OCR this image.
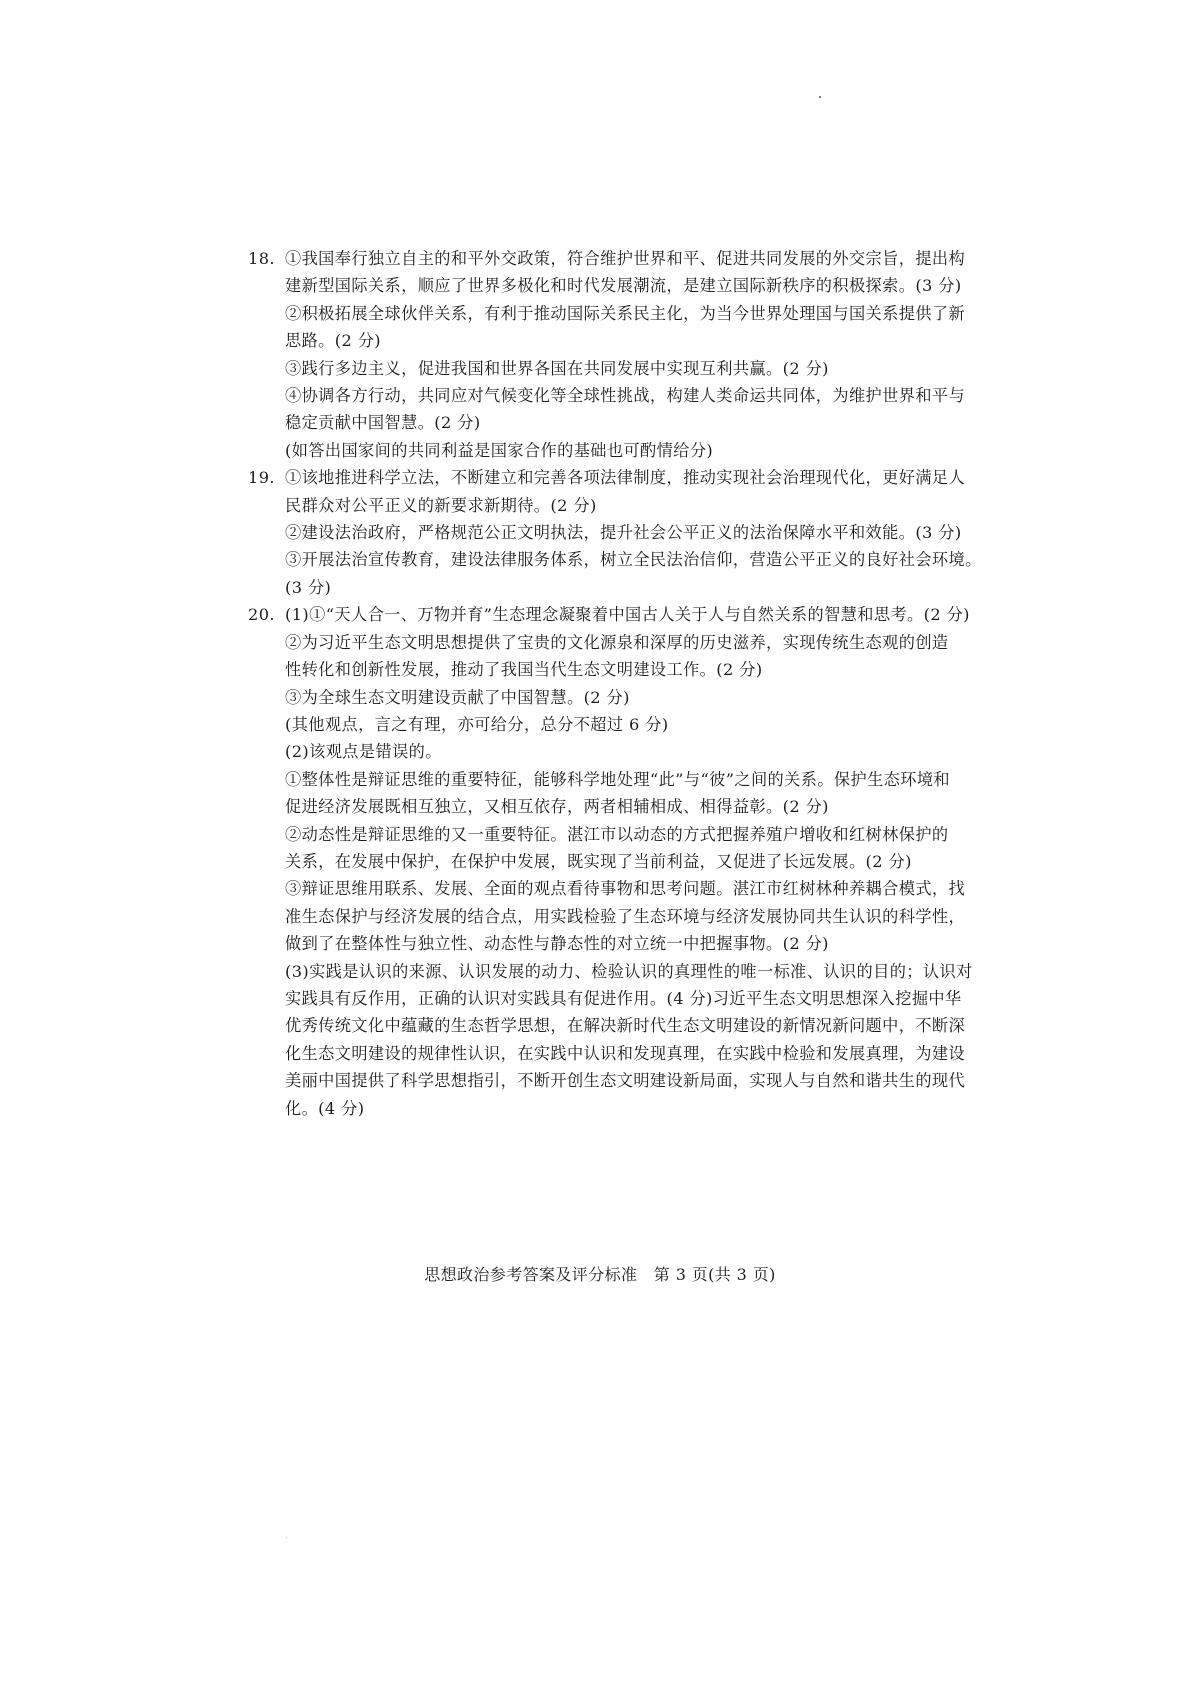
18. ①我国奉行独立自主的和平外交政策，符合维护世界和平、促进共同发展的外交宗旨，提出构
建新型国际关系，顺应了世界多极化和时代发展潮流，是建立国际新秩序的积极探索。(3 分)
②积极拓展全球伙伴关系，有利于推动国际关系民主化，为当今世界处理国与国关系提供了新
思路。(2 分)
③践行多边主义，促进我国和世界各国在共同发展中实现互利共赢。(2 分)
④协调各方行动，共同应对气候变化等全球性挑战，构建人类命运共同体，为维护世界和平与
稳定贡献中国智慧。(2 分)
(如答出国家间的共同利益是国家合作的基础也可酌情给分)
19. ①该地推进科学立法，不断建立和完善各项法律制度，推动实现社会治理现代化，更好满足人
民群众对公平正义的新要求新期待。(2 分)
②建设法治政府，严格规范公正文明执法，提升社会公平正义的法治保障水平和效能。(3 分)
③开展法治宣传教育，建设法律服务体系，树立全民法治信仰，营造公平正义的良好社会环境。
(3 分)
20. (1)①“天人合一、万物并育”生态理念凝聚着中国古人关于人与自然关系的智慧和思考。(2 分)
②为习近平生态文明思想提供了宝贵的文化源泉和深厚的历史滋养，实现传统生态观的创造
性转化和创新性发展，推动了我国当代生态文明建设工作。(2 分)
③为全球生态文明建设贡献了中国智慧。(2 分)
(其他观点，言之有理，亦可给分，总分不超过 6 分)
(2)该观点是错误的。
①整体性是辩证思维的重要特征，能够科学地处理“此”与“彼”之间的关系。保护生态环境和
促进经济发展既相互独立，又相互依存，两者相辅相成、相得益彰。(2 分)
②动态性是辩证思维的又一重要特征。湛江市以动态的方式把握养殖户增收和红树林保护的
关系，在发展中保护，在保护中发展，既实现了当前利益，又促进了长远发展。(2 分)
③辩证思维用联系、发展、全面的观点看待事物和思考问题。湛江市红树林种养耦合模式，找
准生态保护与经济发展的结合点，用实践检验了生态环境与经济发展协同共生认识的科学性，
做到了在整体性与独立性、动态性与静态性的对立统一中把握事物。(2 分)
(3)实践是认识的来源、认识发展的动力、检验认识的真理性的唯一标准、认识的目的；认识对
实践具有反作用，正确的认识对实践具有促进作用。(4 分)习近平生态文明思想深入挖掘中华
优秀传统文化中蕴藏的生态哲学思想，在解决新时代生态文明建设的新情况新问题中，不断深
化生态文明建设的规律性认识，在实践中认识和发现真理，在实践中检验和发展真理，为建设
美丽中国提供了科学思想指引，不断开创生态文明建设新局面，实现人与自然和谐共生的现代
化。(4 分)
思想政治参考答案及评分标准　第 3 页(共 3 页)
